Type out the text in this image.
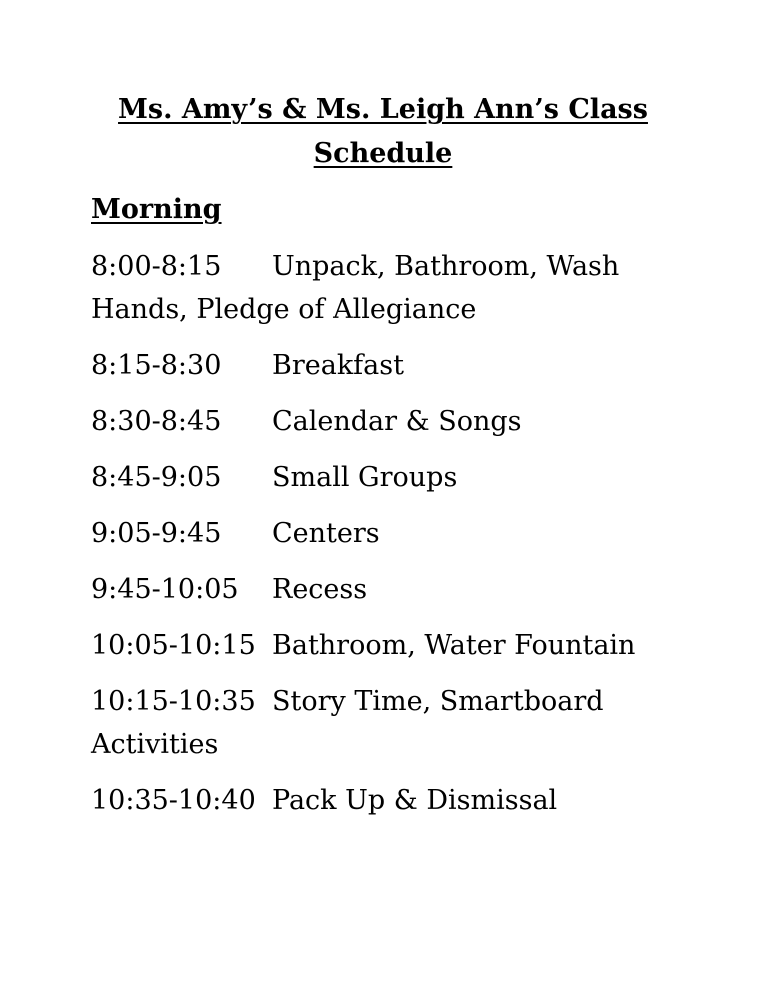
Ms. Amy’s & Ms. Leigh Ann’s Class Schedule
Morning
8:00-8:15 Unpack, Bathroom, Wash Hands, Pledge of Allegiance
8:15-8:30 Breakfast
8:30-8:45 Calendar & Songs
8:45-9:05 Small Groups
9:05-9:45 Centers
9:45-10:05 Recess
10:05-10:15 Bathroom, Water Fountain
10:15-10:35 Story Time, Smartboard Activities
10:35-10:40 Pack Up & Dismissal
